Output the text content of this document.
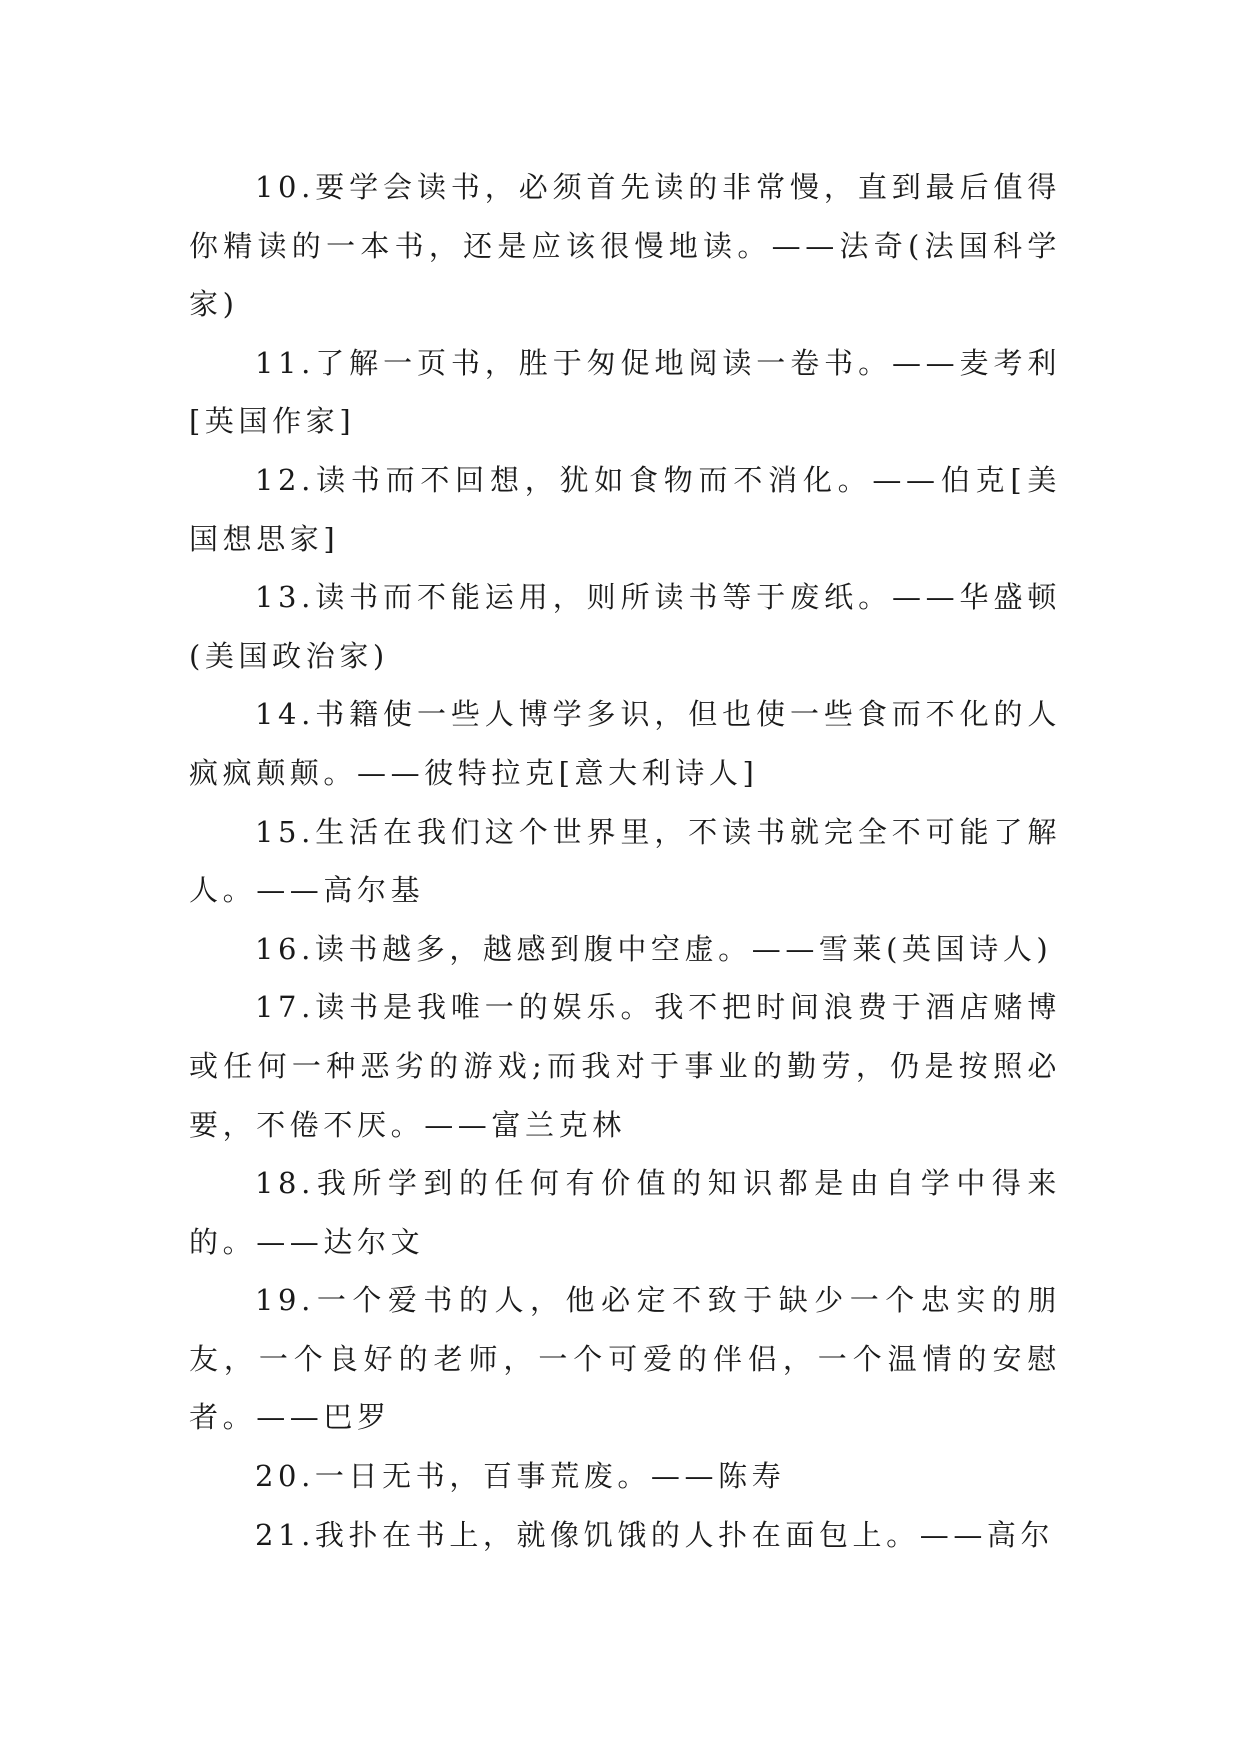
10.要学会读书，必须首先读的非常慢，直到最后值得你精读的一本书，还是应该很慢地读。——法奇(法国科学家)

11.了解一页书，胜于匆促地阅读一卷书。——麦考利[英国作家]

12.读书而不回想，犹如食物而不消化。——伯克[美国想思家]

13.读书而不能运用，则所读书等于废纸。——华盛顿(美国政治家)

14.书籍使一些人博学多识，但也使一些食而不化的人疯疯颠颠。——彼特拉克[意大利诗人]

15.生活在我们这个世界里，不读书就完全不可能了解人。——高尔基

16.读书越多，越感到腹中空虚。——雪莱(英国诗人)

17.读书是我唯一的娱乐。我不把时间浪费于酒店赌博或任何一种恶劣的游戏;而我对于事业的勤劳，仍是按照必要，不倦不厌。——富兰克林

18.我所学到的任何有价值的知识都是由自学中得来的。——达尔文

19.一个爱书的人，他必定不致于缺少一个忠实的朋友，一个良好的老师，一个可爱的伴侣，一个温情的安慰者。——巴罗

20.一日无书，百事荒废。——陈寿

21.我扑在书上，就像饥饿的人扑在面包上。——高尔
